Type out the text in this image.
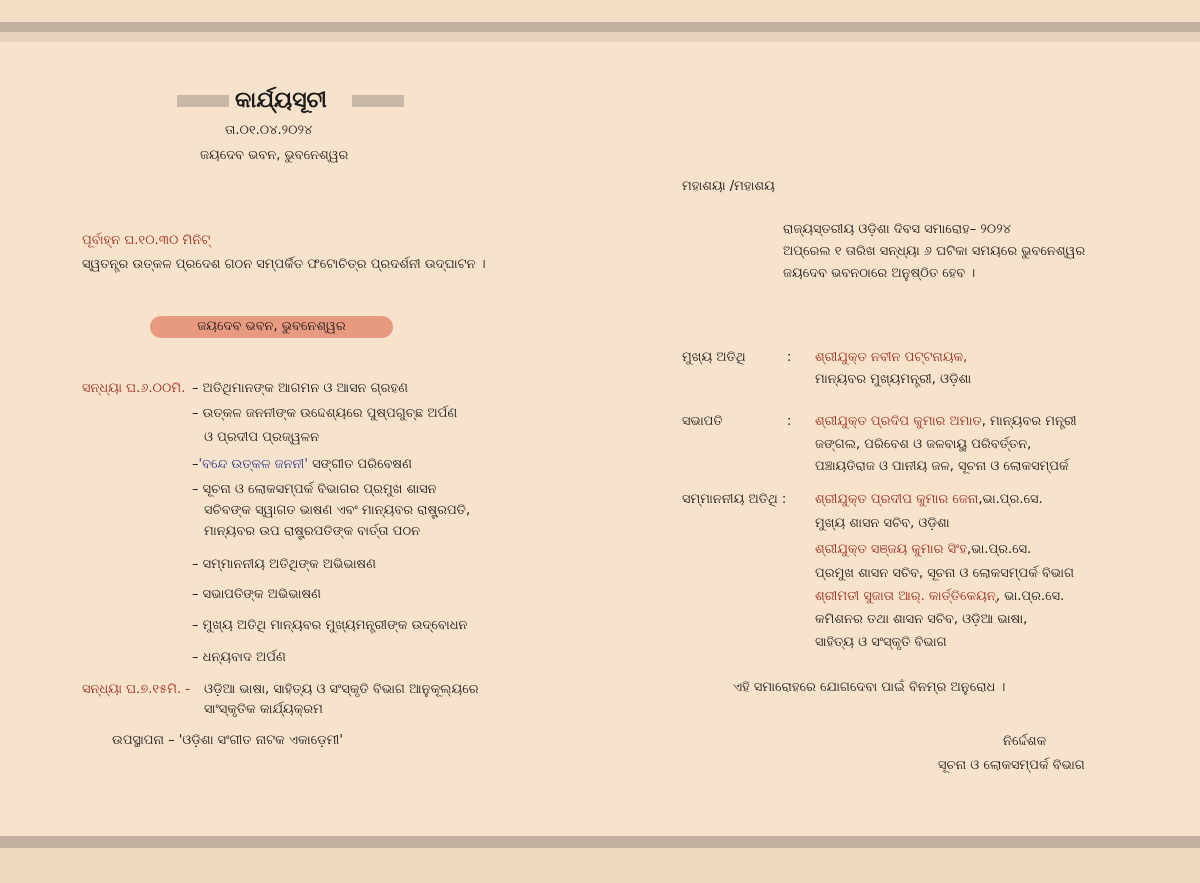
କାର୍ଯ୍ୟସୂଚୀ
ତା.୦୧.୦୪.୨୦୨୪
ଜୟଦେବ ଭବନ, ଭୁବନେଶ୍ୱର
ପୂର୍ବାହ୍ନ ଘ.୧୦.୩୦ ମିନିଟ୍
ସ୍ୱତନ୍ତ୍ର ଉତ୍କଳ ପ୍ରଦେଶ ଗଠନ ସମ୍ପର୍କିତ ଫଟୋଚିତ୍ର ପ୍ରଦର୍ଶନୀ ଉଦ୍‌ଘାଟନ ।
ଜୟଦେବ ଭବନ, ଭୁବନେଶ୍ୱର
ସନ୍ଧ୍ୟା ଘ.୬.୦୦ମି. – ଅତିଥିମାନଙ୍କ ଆଗମନ ଓ ଆସନ ଗ୍ରହଣ
– ଉତ୍କଳ ଜନନୀଙ୍କ ଉଦ୍ଦେଶ୍ୟରେ ପୁଷ୍ପଗୁଚ୍ଛ ଅର୍ପଣ
ଓ ପ୍ରଦୀପ ପ୍ରଜ୍ୱଳନ
–'ବନ୍ଦେ ଉତ୍କଳ ଜନନୀ' ସଙ୍ଗୀତ ପରିବେଷଣ
– ସୂଚନା ଓ ଲୋକସମ୍ପର୍କ ବିଭାଗର ପ୍ରମୁଖ ଶାସନ
ସଚିବଙ୍କ ସ୍ୱାଗତ ଭାଷଣ ଏବଂ ମାନ୍ୟବର ରାଷ୍ଟ୍ରପତି,
ମାନ୍ୟବର ଉପ ରାଷ୍ଟ୍ରପତିଙ୍କ ବାର୍ତ୍ତା ପଠନ
– ସମ୍ମାନନୀୟ ଅତିଥିଙ୍କ ଅଭିଭାଷଣ
– ସଭାପତିଙ୍କ ଅଭିଭାଷଣ
– ମୁଖ୍ୟ ଅତିଥି ମାନ୍ୟବର ମୁଖ୍ୟମନ୍ତ୍ରୀଙ୍କ ଉଦ୍‌ବୋଧନ
– ଧନ୍ୟବାଦ ଅର୍ପଣ
ସନ୍ଧ୍ୟା ଘ.୭.୧୫ମି. - ଓଡ଼ିଆ ଭାଷା, ସାହିତ୍ୟ ଓ ସଂସ୍କୃତି ବିଭାଗ ଆନୁକୂଲ୍ୟରେ
ସାଂସ୍କୃତିକ କାର୍ଯ୍ୟକ୍ରମ
ଉପସ୍ଥାପନା – 'ଓଡ଼ିଶା ସଂଗୀତ ନାଟକ ଏକାଡ଼େମୀ'
ମହାଶୟା /ମହାଶୟ
ରାଜ୍ୟସ୍ତରୀୟ ଓଡ଼ିଶା ଦିବସ ସମାରୋହ– ୨୦୨୪
ଅପ୍ରେଲ ୧ ତାରିଖ ସନ୍ଧ୍ୟା ୬ ଘଟିକା ସମୟରେ ଭୁବନେଶ୍ୱର
ଜୟଦେବ ଭବନଠାରେ ଅନୁଷ୍ଠିତ ହେବ ।
ମୁଖ୍ୟ ଅତିଥି	: ଶ୍ରୀଯୁକ୍ତ ନବୀନ ପଟ୍ଟନାୟକ,
ମାନ୍ୟବର ମୁଖ୍ୟମନ୍ତ୍ରୀ, ଓଡ଼ିଶା
ସଭାପତି	: ଶ୍ରୀଯୁକ୍ତ ପ୍ରଦିପ କୁମାର ଅମାତ, ମାନ୍ୟବର ମନ୍ତ୍ରୀ
ଜଙ୍ଗଲ, ପରିବେଶ ଓ ଜଳବାୟୁ ପରିବର୍ତ୍ତନ,
ପଞ୍ଚାୟତିରାଜ ଓ ପାନୀୟ ଜଳ, ସୂଚନା ଓ ଲୋକସମ୍ପର୍କ
ସମ୍ମାନନୀୟ ଅତିଥି : ଶ୍ରୀଯୁକ୍ତ ପ୍ରଦୀପ କୁମାର ଜେନା,ଭା.ପ୍ର.ସେ.
ମୁଖ୍ୟ ଶାସନ ସଚିବ, ଓଡ଼ିଶା
ଶ୍ରୀଯୁକ୍ତ ସଞ୍ଜୟ କୁମାର ସିଂହ,ଭା.ପ୍ର.ସେ.
ପ୍ରମୁଖ ଶାସନ ସଚିବ, ସୂଚନା ଓ ଲୋକସମ୍ପର୍କ ବିଭାଗ
ଶ୍ରୀମତୀ ସୁଜାତା ଆର୍. କାର୍ତ୍ତିକେୟନ୍, ଭା.ପ୍ର.ସେ.
କମିଶନର ତଥା ଶାସନ ସଚିବ, ଓଡ଼ିଆ ଭାଷା,
ସାହିତ୍ୟ ଓ ସଂସ୍କୃତି ବିଭାଗ
ଏହି ସମାରୋହରେ ଯୋଗଦେବା ପାଇଁ ବିନମ୍ର ଅନୁରୋଧ ।
ନିର୍ଦ୍ଦେଶକ
ସୂଚନା ଓ ଲୋକସମ୍ପର୍କ ବିଭାଗ
